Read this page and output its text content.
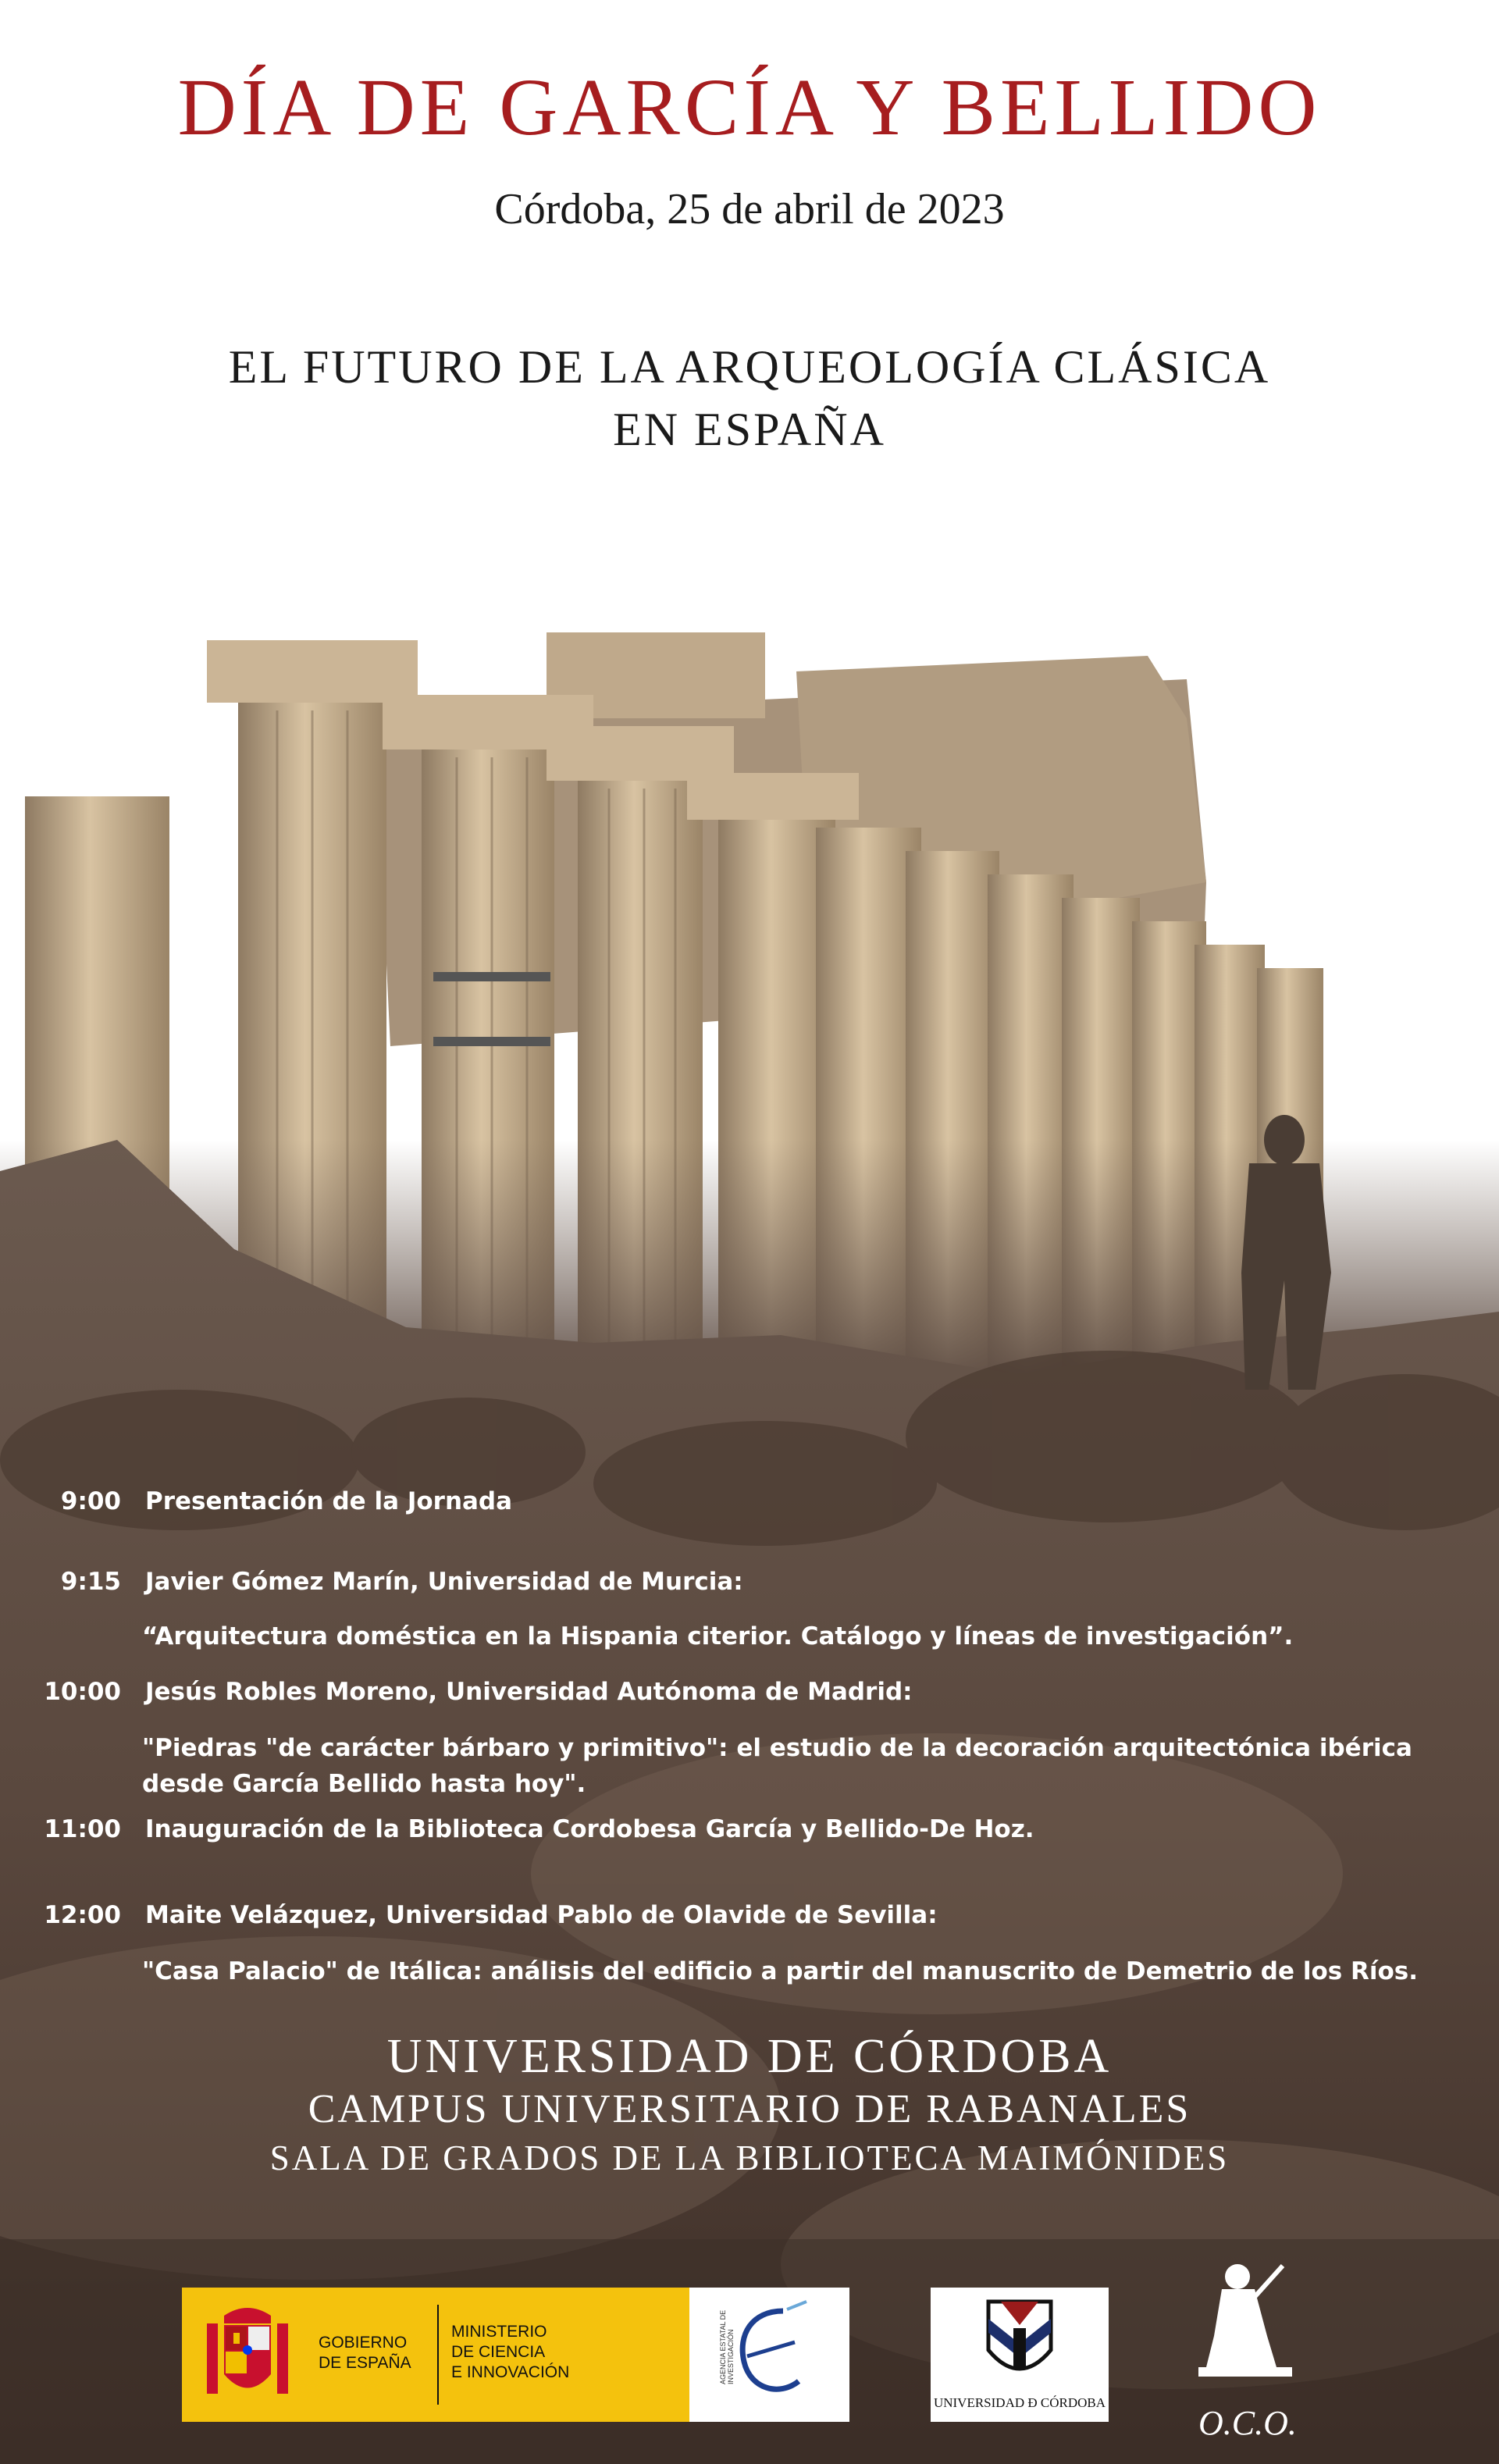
DÍA DE GARCÍA Y BELLIDO
Córdoba, 25 de abril de 2023
EL FUTURO DE LA ARQUEOLOGÍA CLÁSICA
EN ESPAÑA
9:00 Presentación de la Jornada
9:15 Javier Gómez Marín, Universidad de Murcia:
“Arquitectura doméstica en la Hispania citerior. Catálogo y líneas de investigación”.
10:00 Jesús Robles Moreno, Universidad Autónoma de Madrid:
"Piedras "de carácter bárbaro y primitivo": el estudio de la decoración arquitectónica ibérica
desde García Bellido hasta hoy".
11:00 Inauguración de la Biblioteca Cordobesa García y Bellido-De Hoz.
12:00 Maite Velázquez, Universidad Pablo de Olavide de Sevilla:
"Casa Palacio" de Itálica: análisis del edificio a partir del manuscrito de Demetrio de los Ríos.
UNIVERSIDAD DE CÓRDOBA
CAMPUS UNIVERSITARIO DE RABANALES
SALA DE GRADOS DE LA BIBLIOTECA MAIMÓNIDES
GOBIERNO
DE ESPAÑA
MINISTERIO
DE CIENCIA
E INNOVACIÓN	AGENCIA ESTATAL DE INVESTIGACIÓN
UNIVERSIDAD Ð CÓRDOBA
ANTIGUAS
CIUDADES
de Andalucía
O.C.O.
